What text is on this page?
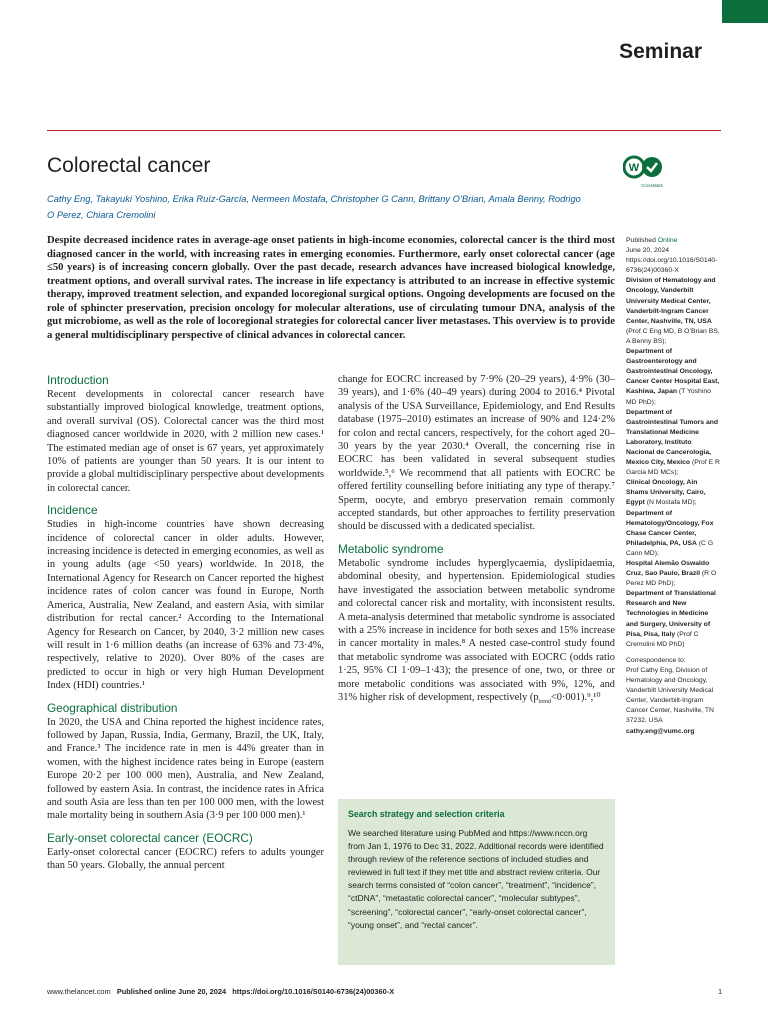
Seminar
Colorectal cancer	W
CrossMark
Cathy Eng, Takayuki Yoshino, Erika Ruíz-García, Nermeen Mostafa, Christopher G Cann, Brittany O’Brian, Amala Benny, Rodrigo O Perez, Chiara Cremolini

Despite decreased incidence rates in average-age onset patients in high-income economies, colorectal cancer is the third most diagnosed cancer in the world, with increasing rates in emerging economies. Furthermore, early onset colorectal cancer (age ≤50 years) is of increasing concern globally. Over the past decade, research advances have increased biological knowledge, treatment options, and overall survival rates. The increase in life expectancy is attributed to an increase in effective systemic therapy, improved treatment selection, and expanded locoregional surgical options. Ongoing developments are focused on the role of sphincter preservation, precision oncology for molecular alterations, use of circulating tumour DNA, analysis of the gut microbiome, as well as the role of locoregional strategies for colorectal cancer liver metastases. This overview is to provide a general multidisciplinary perspective of clinical advances in colorectal cancer.

Introduction

Recent developments in colorectal cancer research have substantially improved biological knowledge, treatment options, and overall survival (OS). Colorectal cancer was the third most diagnosed cancer worldwide in 2020, with 2 million new cases.¹ The estimated median age of onset is 67 years, yet approximately 10% of patients are younger than 50 years. It is our intent to provide a global multidisciplinary perspective about developments in colorectal cancer.

Incidence

Studies in high-income countries have shown decreasing incidence of colorectal cancer in older adults. However, increasing incidence is detected in emerging economies, as well as in young adults (age <50 years) worldwide. In 2018, the International Agency for Research on Cancer reported the highest incidence rates of colon cancer was found in Europe, North America, Australia, New Zealand, and eastern Asia, with similar distribution for rectal cancer.² According to the International Agency for Research on Cancer, by 2040, 3·2 million new cases will result in 1·6 million deaths (an increase of 63% and 73·4%, respectively, relative to 2020). Over 80% of the cases are predicted to occur in high or very high Human Development Index (HDI) countries.¹

Geographical distribution

In 2020, the USA and China reported the highest incidence rates, followed by Japan, Russia, India, Germany, Brazil, the UK, Italy, and France.³ The incidence rate in men is 44% greater than in women, with the highest incidence rates being in Europe (eastern Europe 20·2 per 100 000 men), Australia, and New Zealand, followed by eastern Asia. In contrast, the incidence rates in Africa and south Asia are less than ten per 100 000 men, with the lowest male mortality being in southern Asia (3·9 per 100 000 men).¹

Early-onset colorectal cancer (EOCRC)

Early-onset colorectal cancer (EOCRC) refers to adults younger than 50 years. Globally, the annual percent

change for EOCRC increased by 7·9% (20–29 years), 4·9% (30–39 years), and 1·6% (40–49 years) during 2004 to 2016.⁴ Pivotal analysis of the USA Surveillance, Epidemiology, and End Results database (1975–2010) estimates an increase of 90% and 124·2% for colon and rectal cancers, respectively, for the cohort aged 20–30 years by the year 2030.⁴ Overall, the concerning rise in EOCRC has been validated in several subsequent studies worldwide.⁵,⁶ We recommend that all patients with EOCRC be offered fertility counselling before initiating any type of therapy.⁷ Sperm, oocyte, and embryo preservation remain commonly accepted standards, but other approaches to fertility preservation should be discussed with a dedicated specialist.

Metabolic syndrome

Metabolic syndrome includes hyperglycaemia, dyslipidaemia, abdominal obesity, and hypertension. Epidemiological studies have investigated the association between metabolic syndrome and colorectal cancer risk and mortality, with inconsistent results. A meta-analysis determined that metabolic syndrome is associated with a 25% increase in incidence for both sexes and 15% increase in cancer mortality in males.⁸ A nested case-control study found that metabolic syndrome was associated with EOCRC (odds ratio 1·25, 95% CI 1·09–1·43); the presence of one, two, or three or more metabolic conditions was associated with 9%, 12%, and 31% higher risk of development, respectively $(p_{trend}<0\cdot 001).^9,^{10}$

Search strategy and selection criteria
We searched literature using PubMed and https://www.nccn.org from Jan 1, 1976 to Dec 31, 2022. Additional records were identified through review of the reference sections of included studies and reviewed in full text if they met title and abstract review criteria. Our search terms consisted of “colon cancer”, “treatment”, “incidence”, “ctDNA”, “metastatic colorectal cancer”, “molecular subtypes”, “screening”, “colorectal cancer”, “early-onset colorectal cancer”, “young onset”, and “rectal cancer”.

Published Online

June 20, 2024

https://doi.org/10.1016/S0140-6736(24)00360-X

Division of Hematology and Oncology, Vanderbilt University Medical Center, Vanderbilt-Ingram Cancer Center, Nashville, TN, USA (Prof C Eng MD, B O’Brian BS, A Benny BS);

Department of Gastroenterology and Gastrointestinal Oncology, Cancer Center Hospital East, Kashiwa, Japan (T Yoshino MD PhD);

Department of Gastrointestinal Tumors and Translational Medicine Laboratory, Instituto Nacional de Cancerologia, Mexico City, Mexico (Prof E R Garcia MD MCs);

Clinical Oncology, Ain Shams University, Cairo, Egypt (N Mostafa MD);

Department of Hematology/Oncology, Fox Chase Cancer Center, Philadelphia, PA, USA (C G Cann MD);

Hospital Alemão Oswaldo Cruz, Sao Paulo, Brazil (R O Perez MD PhD);

Department of Translational Research and New Technologies in Medicine and Surgery, University of Pisa, Pisa, Italy (Prof C Cremolini MD PhD)

Correspondence to:

Prof Cathy Eng, Division of Hematology and Oncology, Vanderbilt University Medical Center, Vanderbilt-Ingram Cancer Center, Nashville, TN 37232, USA

cathy.eng@vumc.org

www.thelancet.com Published online June 20, 2024 https://doi.org/10.1016/S0140-6736(24)00360-X	1
